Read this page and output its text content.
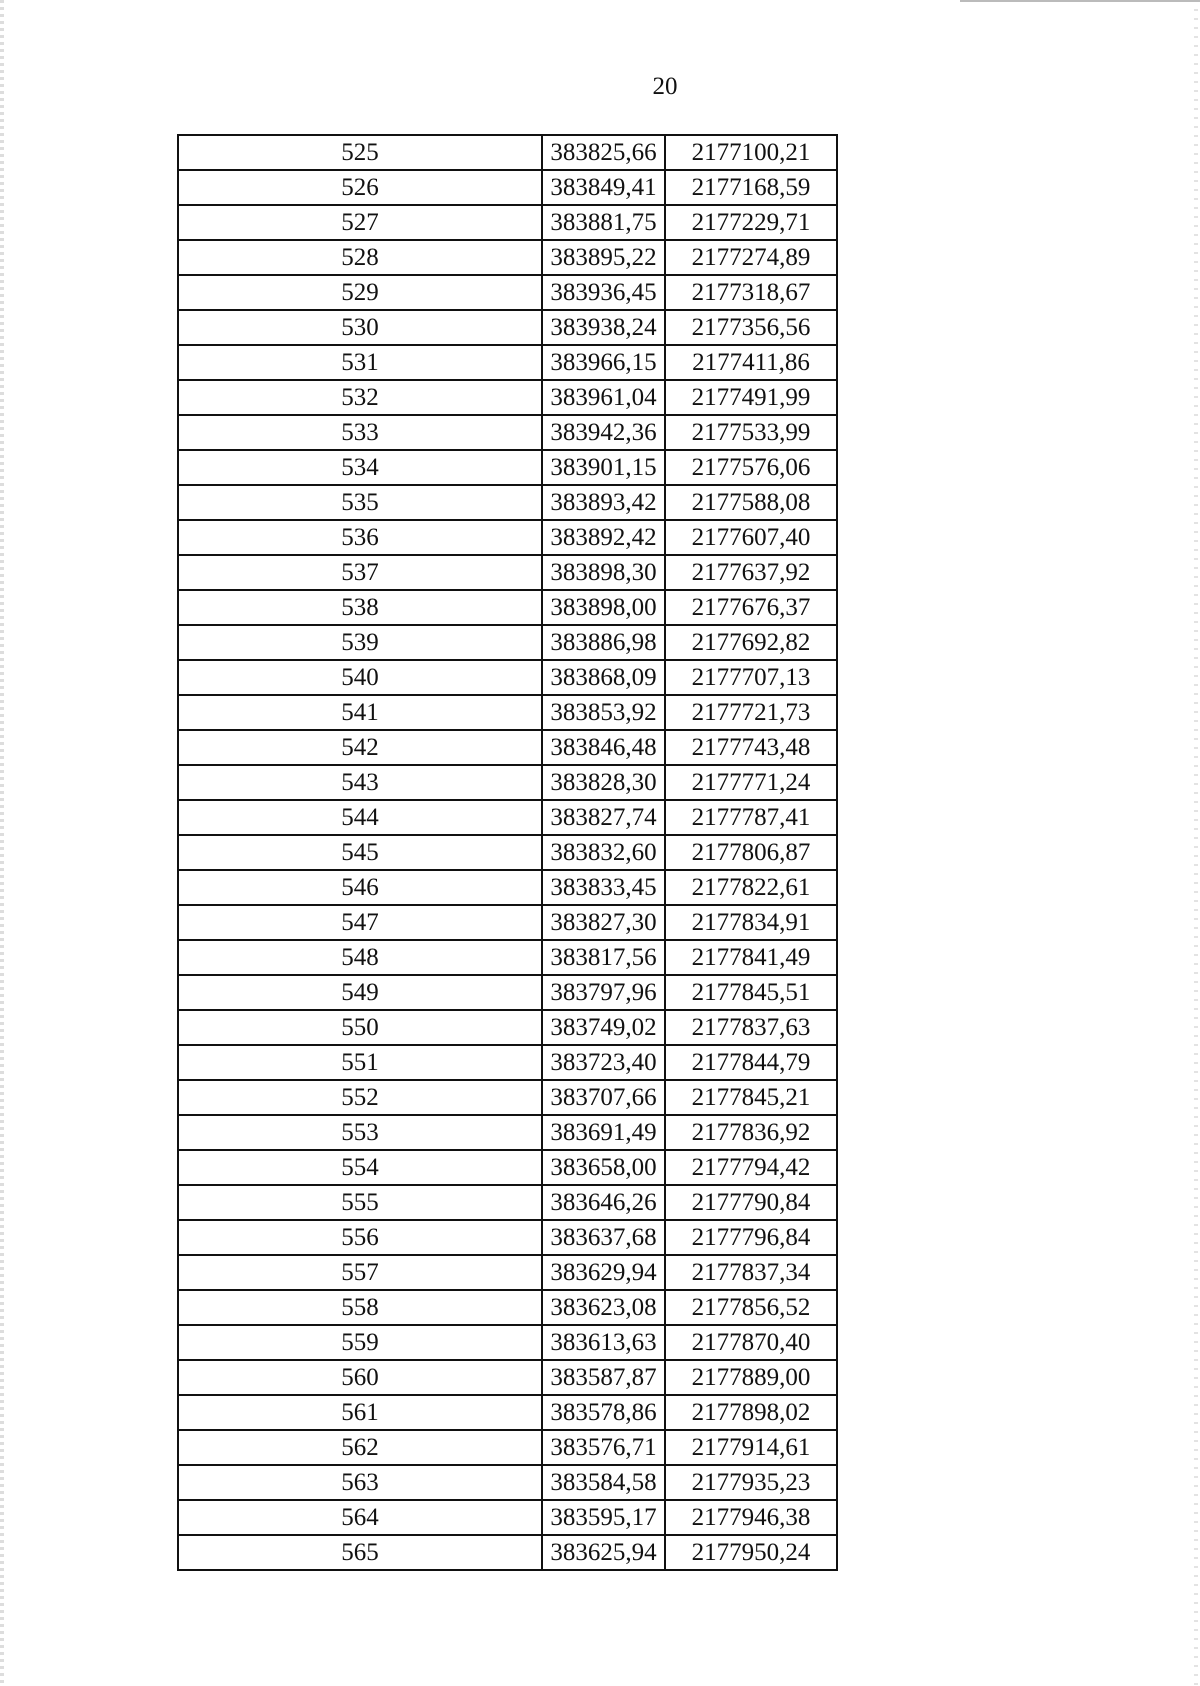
20
525	383825,66	2177100,21
526	383849,41	2177168,59
527	383881,75	2177229,71
528	383895,22	2177274,89
529	383936,45	2177318,67
530	383938,24	2177356,56
531	383966,15	2177411,86
532	383961,04	2177491,99
533	383942,36	2177533,99
534	383901,15	2177576,06
535	383893,42	2177588,08
536	383892,42	2177607,40
537	383898,30	2177637,92
538	383898,00	2177676,37
539	383886,98	2177692,82
540	383868,09	2177707,13
541	383853,92	2177721,73
542	383846,48	2177743,48
543	383828,30	2177771,24
544	383827,74	2177787,41
545	383832,60	2177806,87
546	383833,45	2177822,61
547	383827,30	2177834,91
548	383817,56	2177841,49
549	383797,96	2177845,51
550	383749,02	2177837,63
551	383723,40	2177844,79
552	383707,66	2177845,21
553	383691,49	2177836,92
554	383658,00	2177794,42
555	383646,26	2177790,84
556	383637,68	2177796,84
557	383629,94	2177837,34
558	383623,08	2177856,52
559	383613,63	2177870,40
560	383587,87	2177889,00
561	383578,86	2177898,02
562	383576,71	2177914,61
563	383584,58	2177935,23
564	383595,17	2177946,38
565	383625,94	2177950,24
